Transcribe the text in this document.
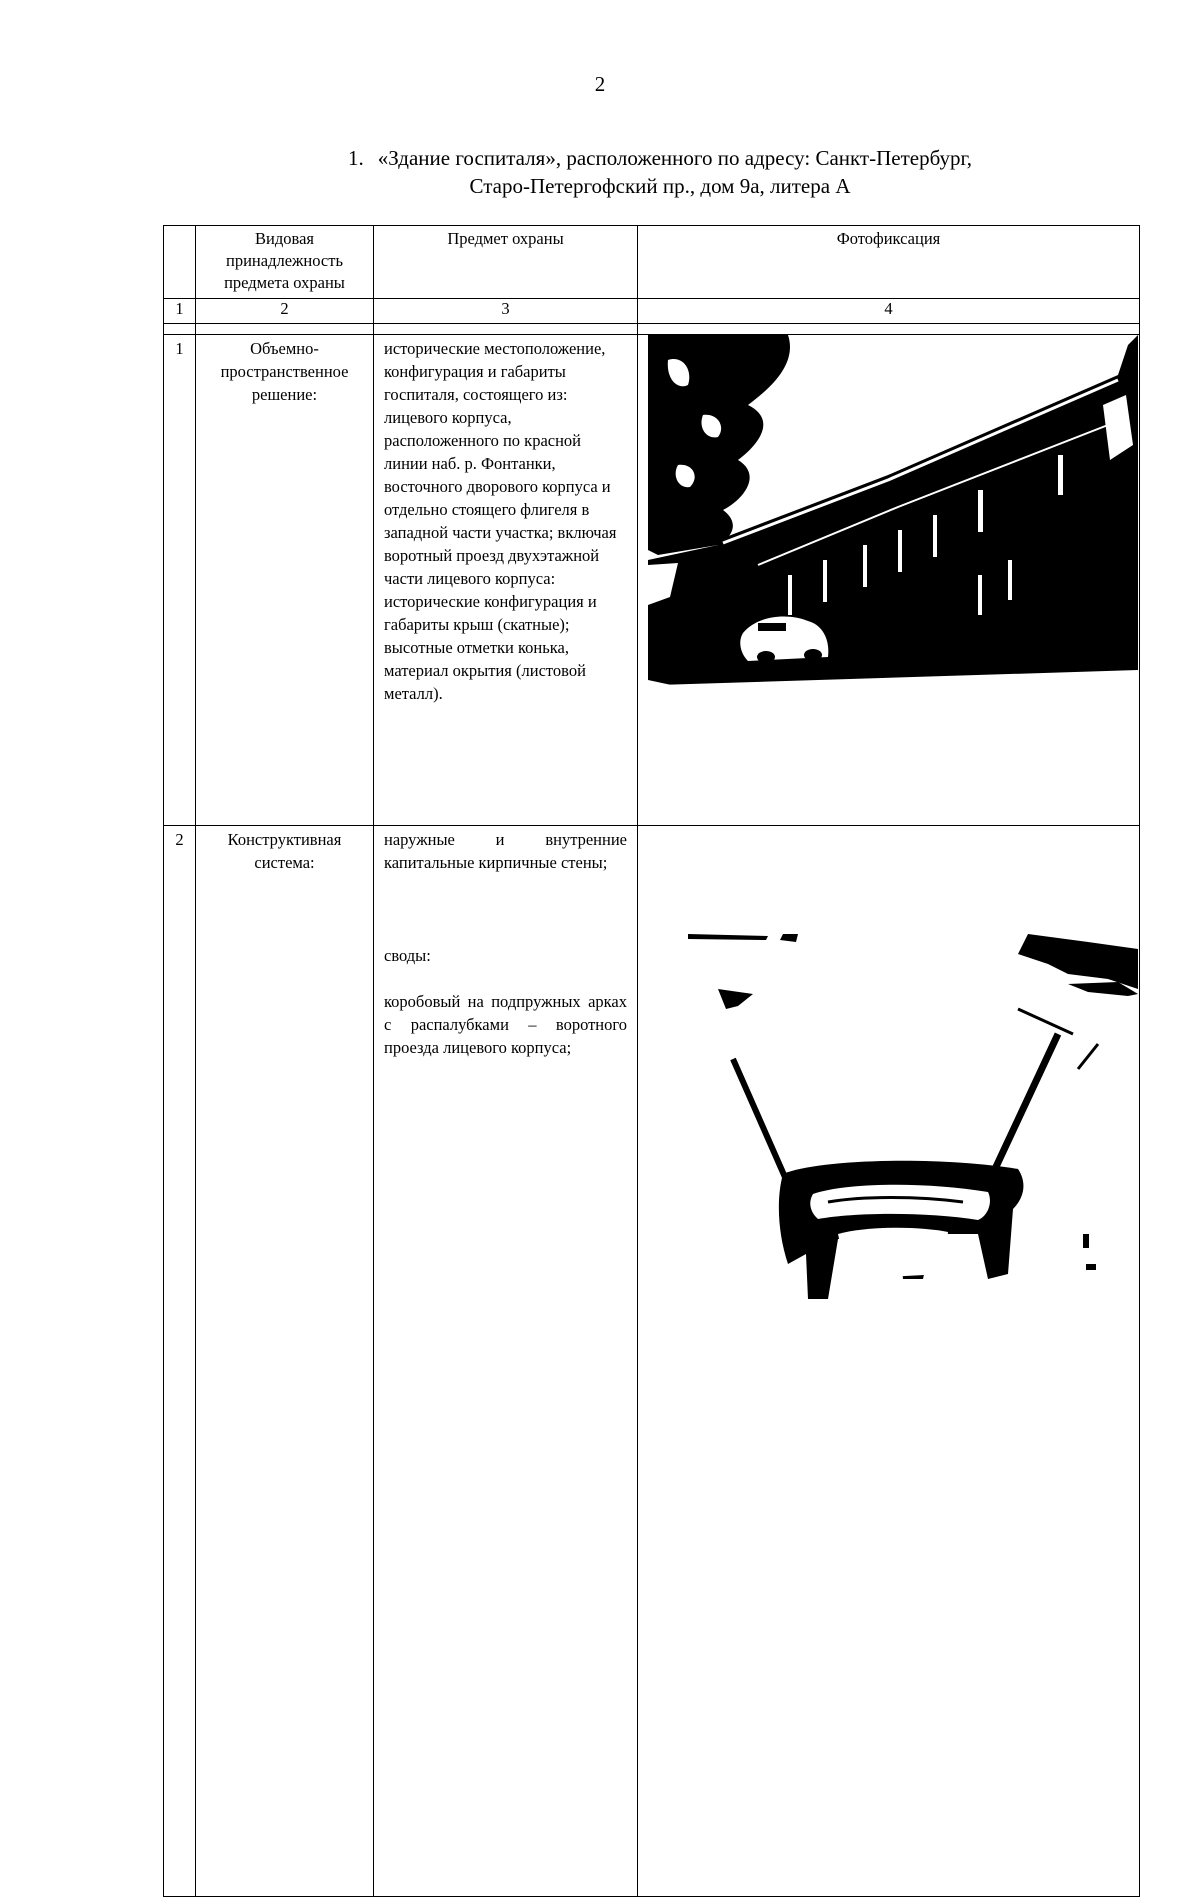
2
1. «Здание госпиталя», расположенного по адресу: Санкт-Петербург,
Старо-Петергофский пр., дом 9а, литера А
	Видовая принадлежность предмета охраны	Предмет охраны	Фотофиксация
1	2	3	4

1	Объемно-пространственное решение:	исторические местоположение, конфигурация и габариты госпиталя, состоящего из: лицевого корпуса, расположенного по красной линии наб. р. Фонтанки, восточного дворового корпуса и отдельно стоящего флигеля в западной части участка; включая воротный проезд двухэтажной части лицевого корпуса: исторические конфигурация и габариты крыш (скатные); высотные отметки конька, материал окрытия (листовой металл).	

2	Конструктивная система:	наружные и внутренние капитальные кирпичные стены;

своды:

коробовый на подпружных арках с распалубками – воротного проезда лицевого корпуса;
